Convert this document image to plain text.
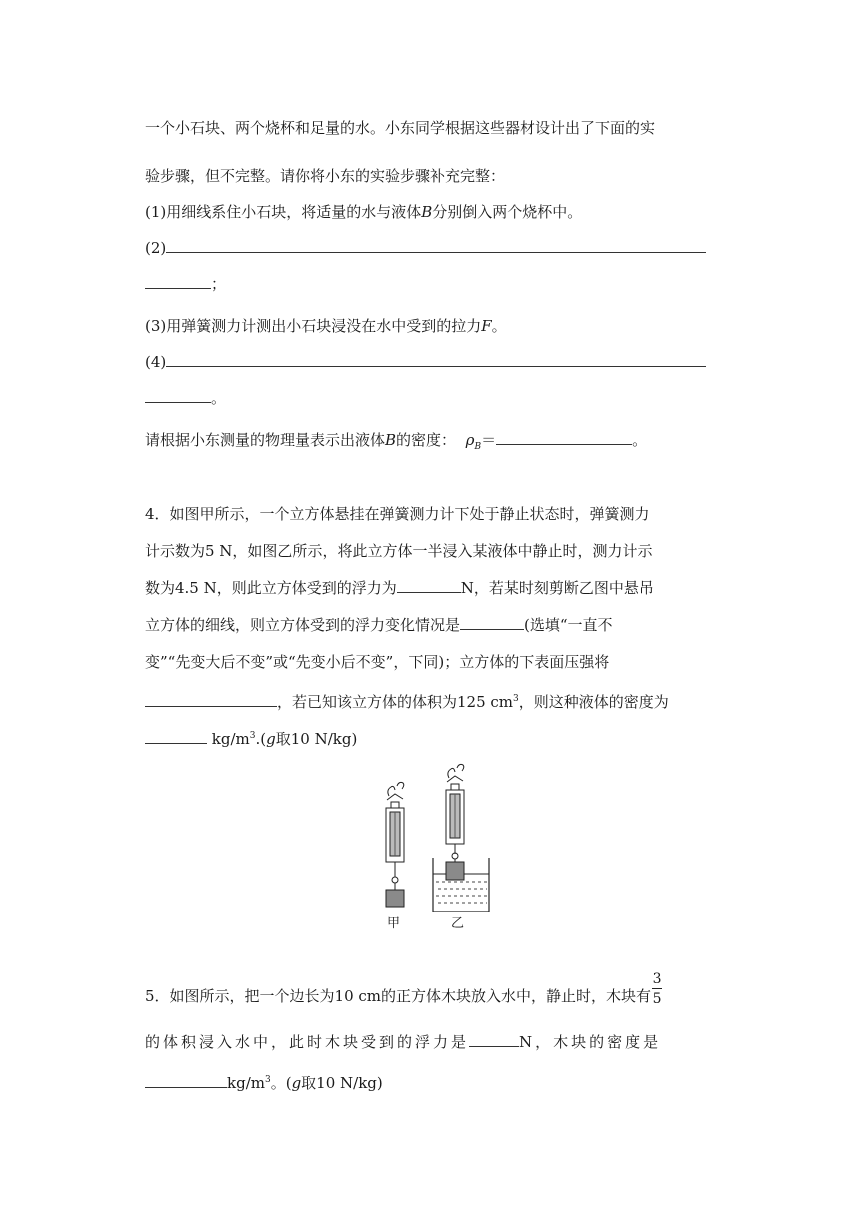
一个小石块、两个烧杯和足量的水。小东同学根据这些器材设计出了下面的实
验步骤，但不完整。请你将小东的实验步骤补充完整：
(1)用细线系住小石块，将适量的水与液体B分别倒入两个烧杯中。
(2)
；
(3)用弹簧测力计测出小石块浸没在水中受到的拉力F。
(4)
。
请根据小东测量的物理量表示出液体B的密度： $\rho_B=$	。
4．如图甲所示，一个立方体悬挂在弹簧测力计下处于静止状态时，弹簧测力
计示数为5 N，如图乙所示，将此立方体一半浸入某液体中静止时，测力计示
数为4.5 N，则此立方体受到的浮力为	N，若某时刻剪断乙图中悬吊
立方体的细线，则立方体受到的浮力变化情况是	(选填“一直不
变”“先变大后不变”或“先变小后不变”，下同)；立方体的下表面压强将
，若已知该立方体的体积为125 $cm^3$，则这种液体的密度为
$kg/m^3.(g$取10 N/kg)
甲	乙
5．如图所示，把一个边长为10 cm的正方体木块放入水中，静止时，木块有 $\frac{3}{5}$
的体积浸入水中，此时木块受到的浮力是	N，木块的密度是
$kg/m^3$。(g取10 N/kg)
